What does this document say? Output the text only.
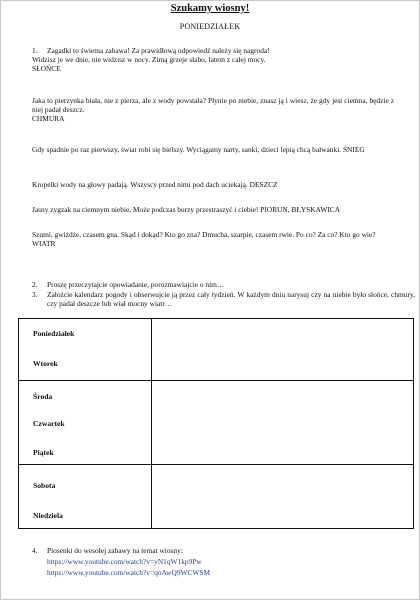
Szukamy wiosny!
PONIEDZIAŁEK
1. Zagadki to świetna zabawa! Za prawidłową odpowiedź należy się nagroda!
Widzisz je we dnie, nie widzisz w nocy. Zimą grzeje słabo, latem z całej mocy.
SŁOŃCE
Jaka to pierzynka biała, nie z pierza, ale z wody powstała? Płynie po niebie, znasz ją i wiesz, że gdy jest ciemna, będzie z niej padał deszcz.
CHMURA
Gdy spadnie po raz pierwszy, świat robi się bielszy. Wyciągamy narty, sanki, dzieci lepią chcą bałwanki. ŚNIEG
Kropelki wody na głowy padają. Wszyscy przed nimi pod dach uciekają. DESZCZ
Jasny zygzak na ciemnym niebie, Może podczas burzy przestraszyć i ciebie! PIORUN, BŁYSKAWICA
Szumi, gwiżdże, czasem gna. Skąd i dokąd? Kto go zna? Dmucha, szarpie, czasem rwie. Po co? Za co? Kto go wie?
WIATR
2. Proszę przeczytajcie opowiadanie, porozmawiajcie o nim…
3. Założcie kalendarz pogody i obserwujcie ją przez cały tydzień. W każdym dniu narysuj czy na niebie było słońce, chmury, czy padał deszcze lub wiał mocny wiatr…

Poniedziałek
Wtorek
Środa
Czwartek
Piątek
Sobota
Niedziela
4. Piosenki do wesołej zabawy na temat wiosny:
https://www.youtube.com/watch?v=yN1qW1kp9Pw
https://www.youtube.com/watch?v=qoAwQ9WCWSM
